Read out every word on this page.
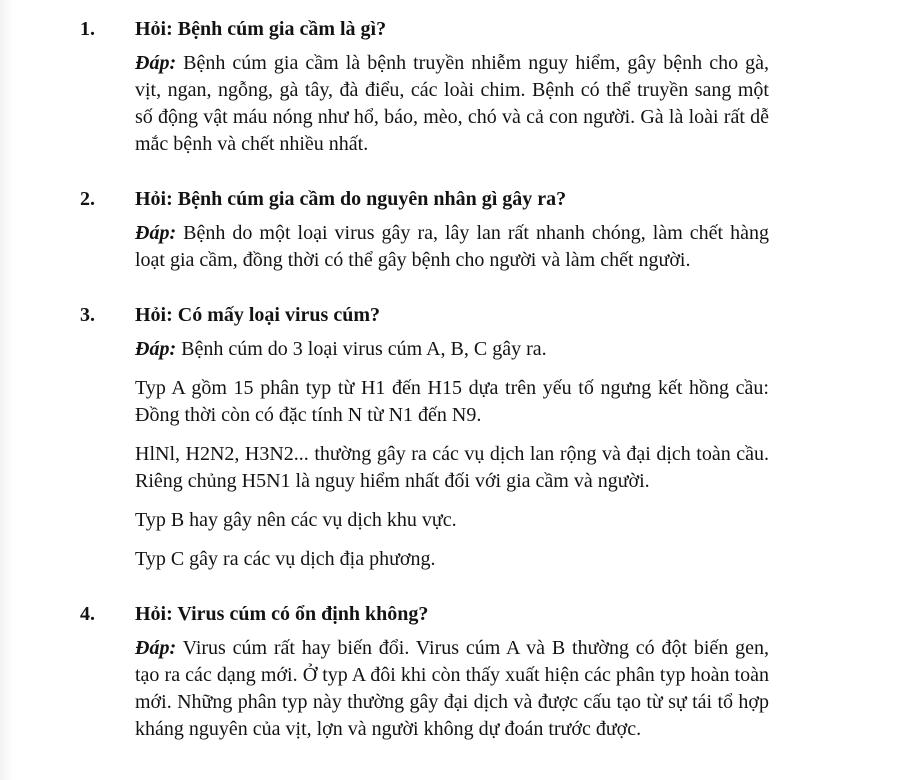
1.	Hỏi: Bệnh cúm gia cầm là gì?

Đáp: Bệnh cúm gia cầm là bệnh truyền nhiễm nguy hiểm, gây bệnh cho gà, vịt, ngan, ngỗng, gà tây, đà điểu, các loài chim. Bệnh có thể truyền sang một số động vật máu nóng như hổ, báo, mèo, chó và cả con người. Gà là loài rất dễ mắc bệnh và chết nhiều nhất.

2.	Hỏi: Bệnh cúm gia cầm do nguyên nhân gì gây ra?

Đáp: Bệnh do một loại virus gây ra, lây lan rất nhanh chóng, làm chết hàng loạt gia cầm, đồng thời có thể gây bệnh cho người và làm chết người.

3.	Hỏi: Có mấy loại virus cúm?

Đáp: Bệnh cúm do 3 loại virus cúm A, B, C gây ra.

Typ A gồm 15 phân typ từ H1 đến H15 dựa trên yếu tố ngưng kết hồng cầu: Đồng thời còn có đặc tính N từ N1 đến N9.

HlNl, H2N2, H3N2... thường gây ra các vụ dịch lan rộng và đại dịch toàn cầu. Riêng chủng H5N1 là nguy hiểm nhất đối với gia cầm và người.

Typ B hay gây nên các vụ dịch khu vực.

Typ C gây ra các vụ dịch địa phương.

4.	Hỏi: Virus cúm có ổn định không?

Đáp: Virus cúm rất hay biến đổi. Virus cúm A và B thường có đột biến gen, tạo ra các dạng mới. Ở typ A đôi khi còn thấy xuất hiện các phân typ hoàn toàn mới. Những phân typ này thường gây đại dịch và được cấu tạo từ sự tái tổ hợp kháng nguyên của vịt, lợn và người không dự đoán trước được.
